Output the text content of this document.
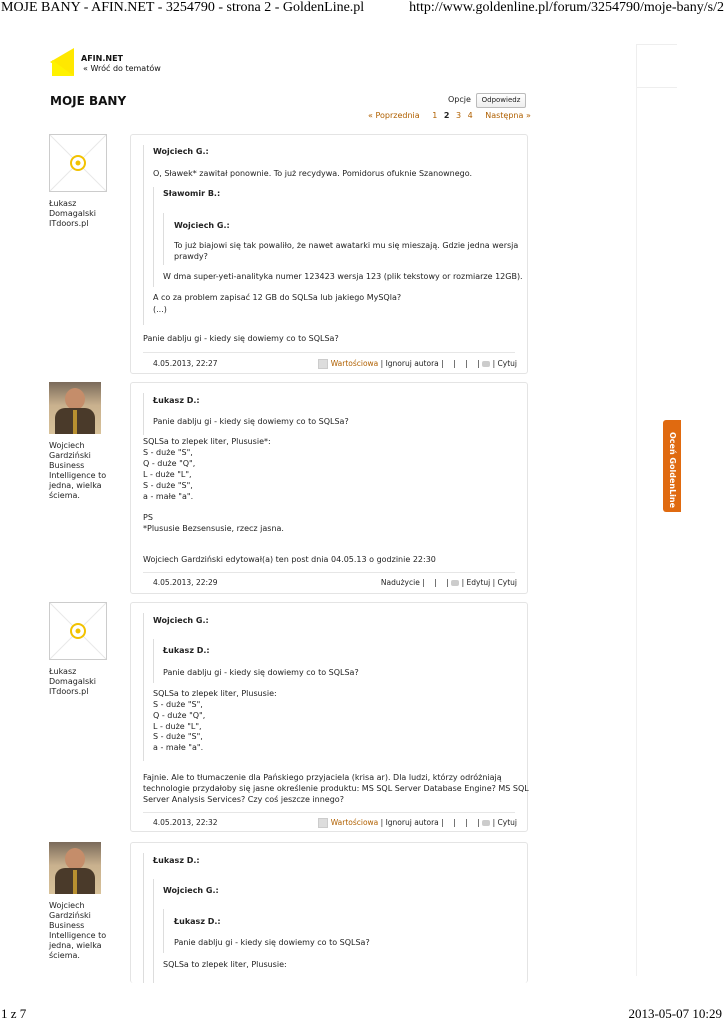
MOJE BANY - AFIN.NET - 3254790 - strona 2 - GoldenLine.pl	http://www.goldenline.pl/forum/3254790/moje-bany/s/2
1 z 7	2013-05-07 10:29
AFIN.NET
« Wróć do tematów
MOJE BANY	Opcje	Odpowiedz
« Poprzednia 1 2 3 4 Następna »
Oceń GoldenLine
Łukasz Domagalski
ITdoors.pl
Wojciech G.:
O, Sławek* zawitał ponownie. To już recydywa. Pomidorus ofuknie Szanownego.
Sławomir B.:
Wojciech G.:
To już biajowi się tak powaliło, że nawet awatarki mu się mieszają. Gdzie jedna wersja
prawdy?
W dma super-yeti-analityka numer 123423 wersja 123 (plik tekstowy or rozmiarze 12GB).
A co za problem zapisać 12 GB do SQLSa lub jakiego MySQla?
(...)
Panie dablju gi - kiedy się dowiemy co to SQLSa?
4.05.2013, 22:27	Wartościowa | Ignoruj autora |    |    |    |  | Cytuj
Wojciech Gardziński
Business Intelligence to jedna, wielka ściema.
Łukasz D.:
Panie dablju gi - kiedy się dowiemy co to SQLSa?
SQLSa to zlepek liter, Plususie*:
S - duże "S",
Q - duże "Q",
L - duże "L",
S - duże "S",
a - małe "a".
PS
*Plususie Bezsensusie, rzecz jasna.
Wojciech Gardziński edytował(a) ten post dnia 04.05.13 o godzinie 22:30
4.05.2013, 22:29	Nadużycie |    |    |  | Edytuj | Cytuj
Łukasz Domagalski
ITdoors.pl
Wojciech G.:
Łukasz D.:
Panie dablju gi - kiedy się dowiemy co to SQLSa?
SQLSa to zlepek liter, Plususie:
S - duże "S",
Q - duże "Q",
L - duże "L",
S - duże "S",
a - małe "a".
Fajnie. Ale to tłumaczenie dla Pańskiego przyjaciela (krisa ar). Dla ludzi, którzy odróżniają
technologie przydałoby się jasne określenie produktu: MS SQL Server Database Engine? MS SQL
Server Analysis Services? Czy coś jeszcze innego?
4.05.2013, 22:32	Wartościowa | Ignoruj autora |    |    |    |  | Cytuj
Wojciech Gardziński
Business Intelligence to jedna, wielka ściema.
Łukasz D.:
Wojciech G.:
Łukasz D.:
Panie dablju gi - kiedy się dowiemy co to SQLSa?
SQLSa to zlepek liter, Plususie:
